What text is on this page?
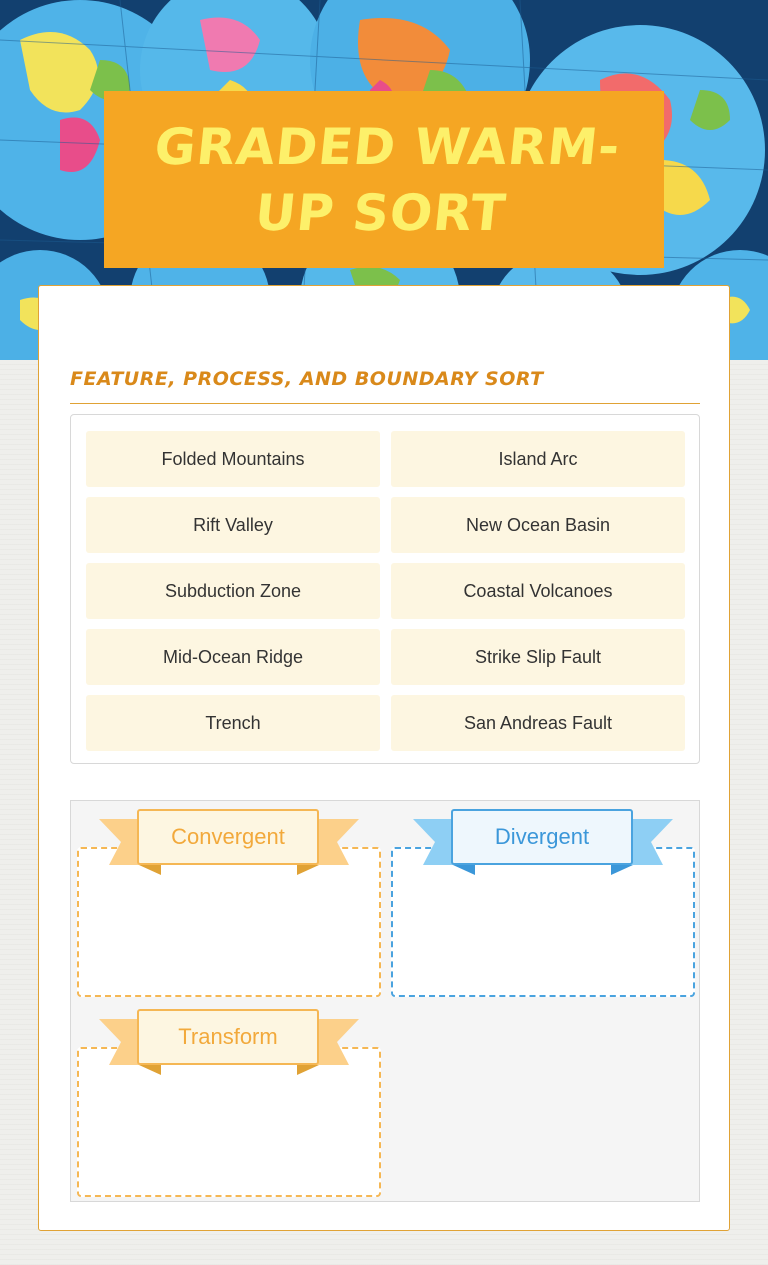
GRADED WARM-UP SORT
FEATURE, PROCESS, AND BOUNDARY SORT
Folded Mountains	Island Arc
Rift Valley	New Ocean Basin
Subduction Zone	Coastal Volcanoes
Mid-Ocean Ridge	Strike Slip Fault
Trench	San Andreas Fault
Convergent	Divergent
Transform
